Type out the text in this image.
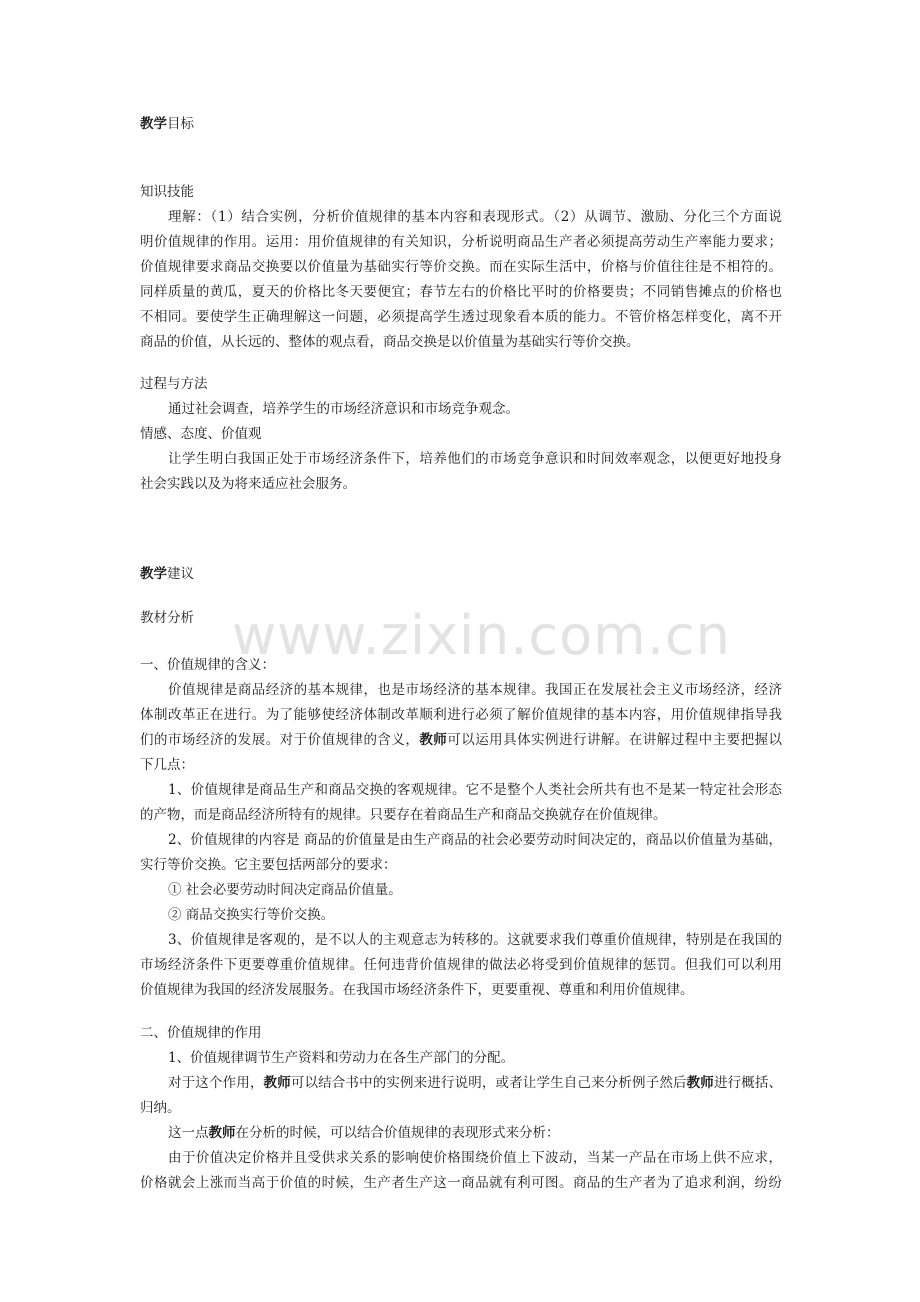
www.zixin.com.cn
教学目标
知识技能
理解：（1）结合实例，分析价值规律的基本内容和表现形式。（2）从调节、激励、分化三个方面说
明价值规律的作用。运用：用价值规律的有关知识，分析说明商品生产者必须提高劳动生产率能力要求；
价值规律要求商品交换要以价值量为基础实行等价交换。而在实际生活中，价格与价值往往是不相符的。
同样质量的黄瓜，夏天的价格比冬天要便宜；春节左右的价格比平时的价格要贵；不同销售摊点的价格也
不相同。要使学生正确理解这一问题，必须提高学生透过现象看本质的能力。不管价格怎样变化，离不开
商品的价值，从长远的、整体的观点看，商品交换是以价值量为基础实行等价交换。
过程与方法
通过社会调查，培养学生的市场经济意识和市场竞争观念。
情感、态度、价值观
让学生明白我国正处于市场经济条件下，培养他们的市场竞争意识和时间效率观念，以便更好地投身
社会实践以及为将来适应社会服务。
教学建议
教材分析
一、价值规律的含义：
价值规律是商品经济的基本规律，也是市场经济的基本规律。我国正在发展社会主义市场经济，经济
体制改革正在进行。为了能够使经济体制改革顺利进行必须了解价值规律的基本内容，用价值规律指导我
们的市场经济的发展。对于价值规律的含义，教师可以运用具体实例进行讲解。在讲解过程中主要把握以
下几点：
1、价值规律是商品生产和商品交换的客观规律。它不是整个人类社会所共有也不是某一特定社会形态
的产物，而是商品经济所特有的规律。只要存在着商品生产和商品交换就存在价值规律。
2、价值规律的内容是 商品的价值量是由生产商品的社会必要劳动时间决定的，商品以价值量为基础，
实行等价交换。它主要包括两部分的要求：
① 社会必要劳动时间决定商品价值量。
② 商品交换实行等价交换。
3、价值规律是客观的，是不以人的主观意志为转移的。这就要求我们尊重价值规律，特别是在我国的
市场经济条件下更要尊重价值规律。任何违背价值规律的做法必将受到价值规律的惩罚。但我们可以利用
价值规律为我国的经济发展服务。在我国市场经济条件下，更要重视、尊重和利用价值规律。
二、价值规律的作用
1、价值规律调节生产资料和劳动力在各生产部门的分配。
对于这个作用，教师可以结合书中的实例来进行说明，或者让学生自己来分析例子然后教师进行概括、
归纳。
这一点教师在分析的时候，可以结合价值规律的表现形式来分析：
由于价值决定价格并且受供求关系的影响使价格围绕价值上下波动，当某一产品在市场上供不应求，
价格就会上涨而当高于价值的时候，生产者生产这一商品就有利可图。商品的生产者为了追求利润，纷纷
